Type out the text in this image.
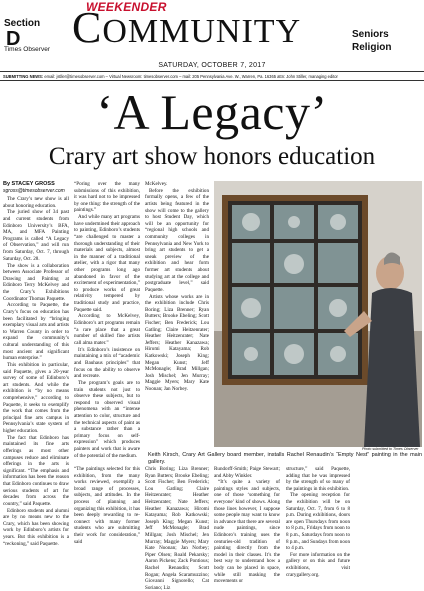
Section
D
Times Observer
WEEKENDER
COMMUNITY	Seniors
Religion
SATURDAY, OCTOBER 7, 2017
SUBMITTING NEWS: email: jstller@timesobserver.com – Virtual Newsroom: timesobserver.com – mail: 205 Pennsylvania Ave. W., Warren, Pa. 16365 attn: John Stiller, managing editor
‘A Legacy’
Crary art show honors education
By STACEY GROSS
sgross@timesobserver.com

The Crary’s new show is all about honoring education.

The juried show of 34 past and current students from Edinboro University’s BFA, MA, and MFA Painting Programs is called “A Legacy of Observation,” and will run from Saturday, Oct. 7, through Saturday, Oct. 28.

The show is a collaboration between Associate Professor of Drawing and Painting at Edinboro Terry McKelvey and the Crary’s Exhibitions Coordinator Thomas Paquette.

According to Paquette, the Crary’s focus on education has been facilitated by “bringing exemplary visual arts and artists to Warren County in order to expand the community’s cultural understanding of this most ancient and significant human enterprise.”

This exhibition in particular, said Paquette, gives a 20-year survey of some of Edinboro’s art students. And while the exhibition is “by no means comprehensive,” according to Paquette, it seeks to exemplify the work that comes from the principal fine arts campus in Pennsylvania’s state system of higher education.

The fact that Edinboro has maintained its fine arts offerings as most other campuses reduce and eliminate offerings in the arts is significant. “The emphasis and information has been the reason that Edinboro continues to draw serious students of art for decades from across the country,” said Paquette.

Edinboro students and alumni are by no means new to the Crary, which has been showing work by Edinboro’s artists for years. But this exhibition is a “reckoning,” said Paquette.

“Poring over the many submissions of this exhibition, it was hard not to be impressed by one thing: the strength of the paintings.”

And while many art programs have undermined their approach to painting, Edinboro’s students “are challenged to master a thorough understanding of their materials and subjects, almost in the manner of a traditional atelier, with a rigor that many other programs long ago abandoned in favor of the excitement of experimentation,” to produce works of great relativity tempered by traditional study and practice, Paquette said.

According to McKelvey, Edinboro’s art programs remain “a rare place that a great number of skilled fine artists call alma mater.”

It’s Edinboro’s insistence on maintaining a mix of “academic and Bauhaus principles” that focus on the ability to observe and recreate.

The program’s goals are to train students not just to observe these subjects, but to respond to observed visual phenomena with an “intense attention to color, structure and the technical aspects of paint as a substance rather than a primary focus on self-expression” which produces painters and work that is aware of the potential of the medium.

McKelvey.

Before the exhibition formally opens, a few of the artists being featured in the show will come to the gallery to host Student Day, which will be an opportunity for “regional high schools and community colleges in Pennsylvania and New York to bring art students to get a sneak preview of the exhibition and hear form former art students about studying art at the college and postgraduate level,” said Paquette.

Artists whose works are in the exhibition include Chris Boring; Liza Brenner; Ryan Butters; Brooke Ebeling; Scott Fischer; Ben Frederick; Lou Gatling; Claire Heitzenrater; Heather Heitzenrater; Nate Jeffers; Heather Kanazawa; Hiromi Katayama; Rob Katkowski; Joseph King; Megan Kunst; Jeff McMonagle; Brad Millgan; Josh Mischel; Jen Murray; Maggie Myers; Mary Kate Noonan; Jan Norbey.

Photo submitted to Times Observer
Keith Kirsch, Crary Art Gallery board member, installs Rachel Renaudin’s “Empty Nest” painting in the main gallery.

“The paintings selected for this exhibition, from the many works reviewed, exemplify a broad range of processes, subjects, and attitudes. In the process of planning and organizing this exhibition, it has been deeply rewarding to re-connect with many former students who are submitting their work for consideration,” said

Chris Boring; Liza Brenner; Ryan Butters; Brooke Ebeling; Scott Fischer; Ben Frederick; Lou Gatling; Claire Heitzenrater; Heather Heitzenrater; Nate Jeffers; Heather Kanazawa; Hiromi Katayama; Rob Katkowski; Joseph King; Megan Kunst; Jeff McMonagle; Brad Millgan; Josh Mischel; Jen Murray; Maggie Myers; Mary Kate Noonan; Jan Norbey; Piper Olsen; Roald Pekarsky; Aaron Pickens; Zack Pontious; Rachel Renaudin; Scott Rogan; Angela Scaramuzzino; Giovanni Signorello; Cat Soriano; Liz

Rundorff-Smith; Paige Stewart; and Abby Winkler.

“It’s quite a variety of paintings styles and subjects, one of those ‘something for everyone’ kind of shows. Along those lines however, I suppose some people may want to know in advance that there are several nude paintings, since Edinboro’s training uses the centuries-old tradition of painting directly from the model in their classes. It’s the best way to understand how a body can be placed in space, while still masking the movements or

structure,” said Paquette, adding that he was impressed by the strength of so many of the paintings in this exhibition.

The opening reception for the exhibition will be on Saturday, Oct. 7, from 6 to 8 p.m. During exhibitions, doors are open Thursdays from noon to 8 p.m., Fridays from noon to 8 p.m., Saturdays from noon to 8 p.m., and Sundays from noon to 4 p.m.

For more information on the gallery or on this and future exhibitions, visit crarygallery.org.
